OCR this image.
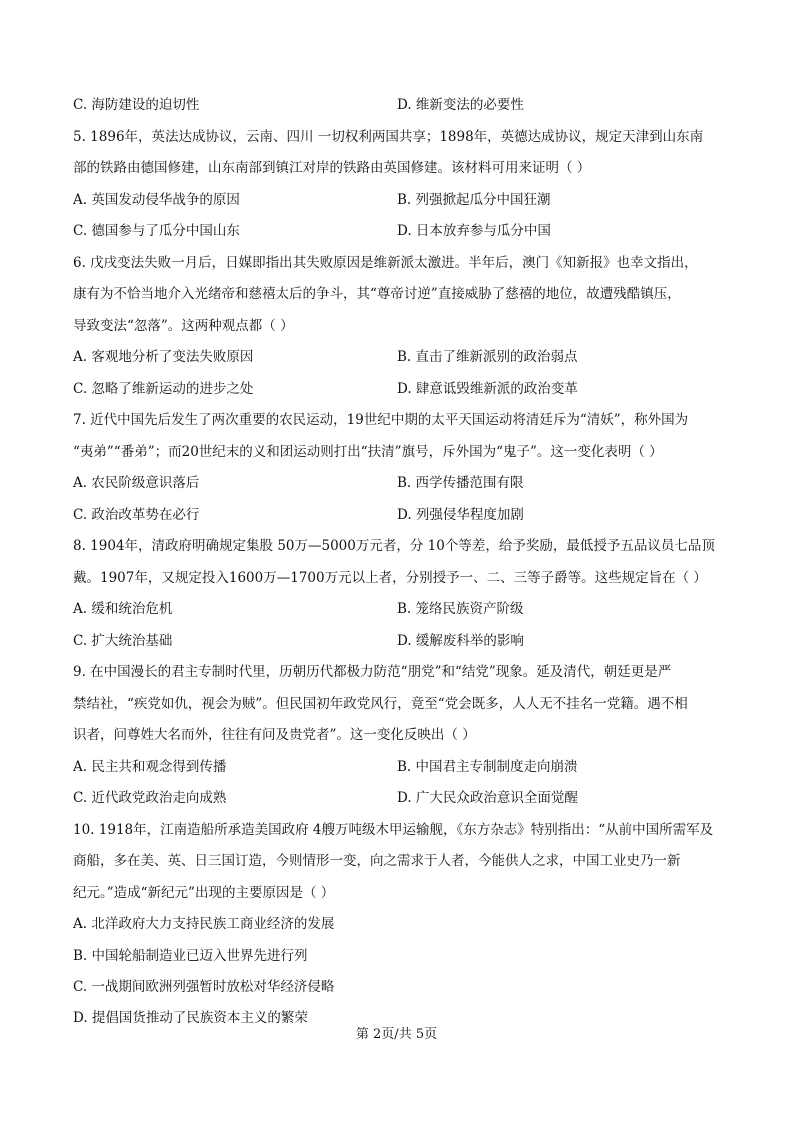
C. 海防建设的迫切性	D. 维新变法的必要性
5. 1896年，英法达成协议，云南、四川 一切权利两国共享；1898年，英德达成协议，规定天津到山东南
部的铁路由德国修建，山东南部到镇江对岸的铁路由英国修建。该材料可用来证明（ ）
A. 英国发动侵华战争的原因	B. 列强掀起瓜分中国狂潮
C. 德国参与了瓜分中国山东	D. 日本放弃参与瓜分中国
6. 戊戌变法失败一月后，日媒即指出其失败原因是维新派太激进。半年后，澳门《知新报》也幸文指出，
康有为不恰当地介入光绪帝和慈禧太后的争斗，其“尊帝讨逆”直接威胁了慈禧的地位，故遭残酷镇压，
导致变法“忽落”。这两种观点都（ ）
A. 客观地分析了变法失败原因	B. 直击了维新派别的政治弱点
C. 忽略了维新运动的进步之处	D. 肆意诋毁维新派的政治变革
7. 近代中国先后发生了两次重要的农民运动，19世纪中期的太平天国运动将清廷斥为“清妖”，称外国为
“夷弟”“番弟”；而20世纪末的义和团运动则打出“扶清”旗号，斥外国为“鬼子”。这一变化表明（ ）
A. 农民阶级意识落后	B. 西学传播范围有限
C. 政治改革势在必行	D. 列强侵华程度加剧
8. 1904年，清政府明确规定集股 50万—5000万元者，分 10个等差，给予奖励，最低授予五品议员七品顶
戴。1907年，又规定投入1600万—1700万元以上者，分别授予一、二、三等子爵等。这些规定旨在（ ）
A. 缓和统治危机	B. 笼络民族资产阶级
C. 扩大统治基础	D. 缓解废科举的影响
9. 在中国漫长的君主专制时代里，历朝历代都极力防范“朋党”和“结党”现象。延及清代，朝廷更是严
禁结社，“疾党如仇，视会为贼”。但民国初年政党风行，竟至“党会既多，人人无不挂名一党籍。遇不相
识者，问尊姓大名而外，往往有问及贵党者”。这一变化反映出（ ）
A. 民主共和观念得到传播	B. 中国君主专制制度走向崩溃
C. 近代政党政治走向成熟	D. 广大民众政治意识全面觉醒
10. 1918年，江南造船所承造美国政府 4艘万吨级木甲运输舰，《东方杂志》特别指出：“从前中国所需军及
商船，多在美、英、日三国订造，今则情形一变，向之需求于人者，今能供人之求，中国工业史乃一新
纪元。”造成“新纪元”出现的主要原因是（ ）
A. 北洋政府大力支持民族工商业经济的发展
B. 中国轮船制造业已迈入世界先进行列
C. 一战期间欧洲列强暂时放松对华经济侵略
D. 提倡国货推动了民族资本主义的繁荣
第 2页/共 5页
